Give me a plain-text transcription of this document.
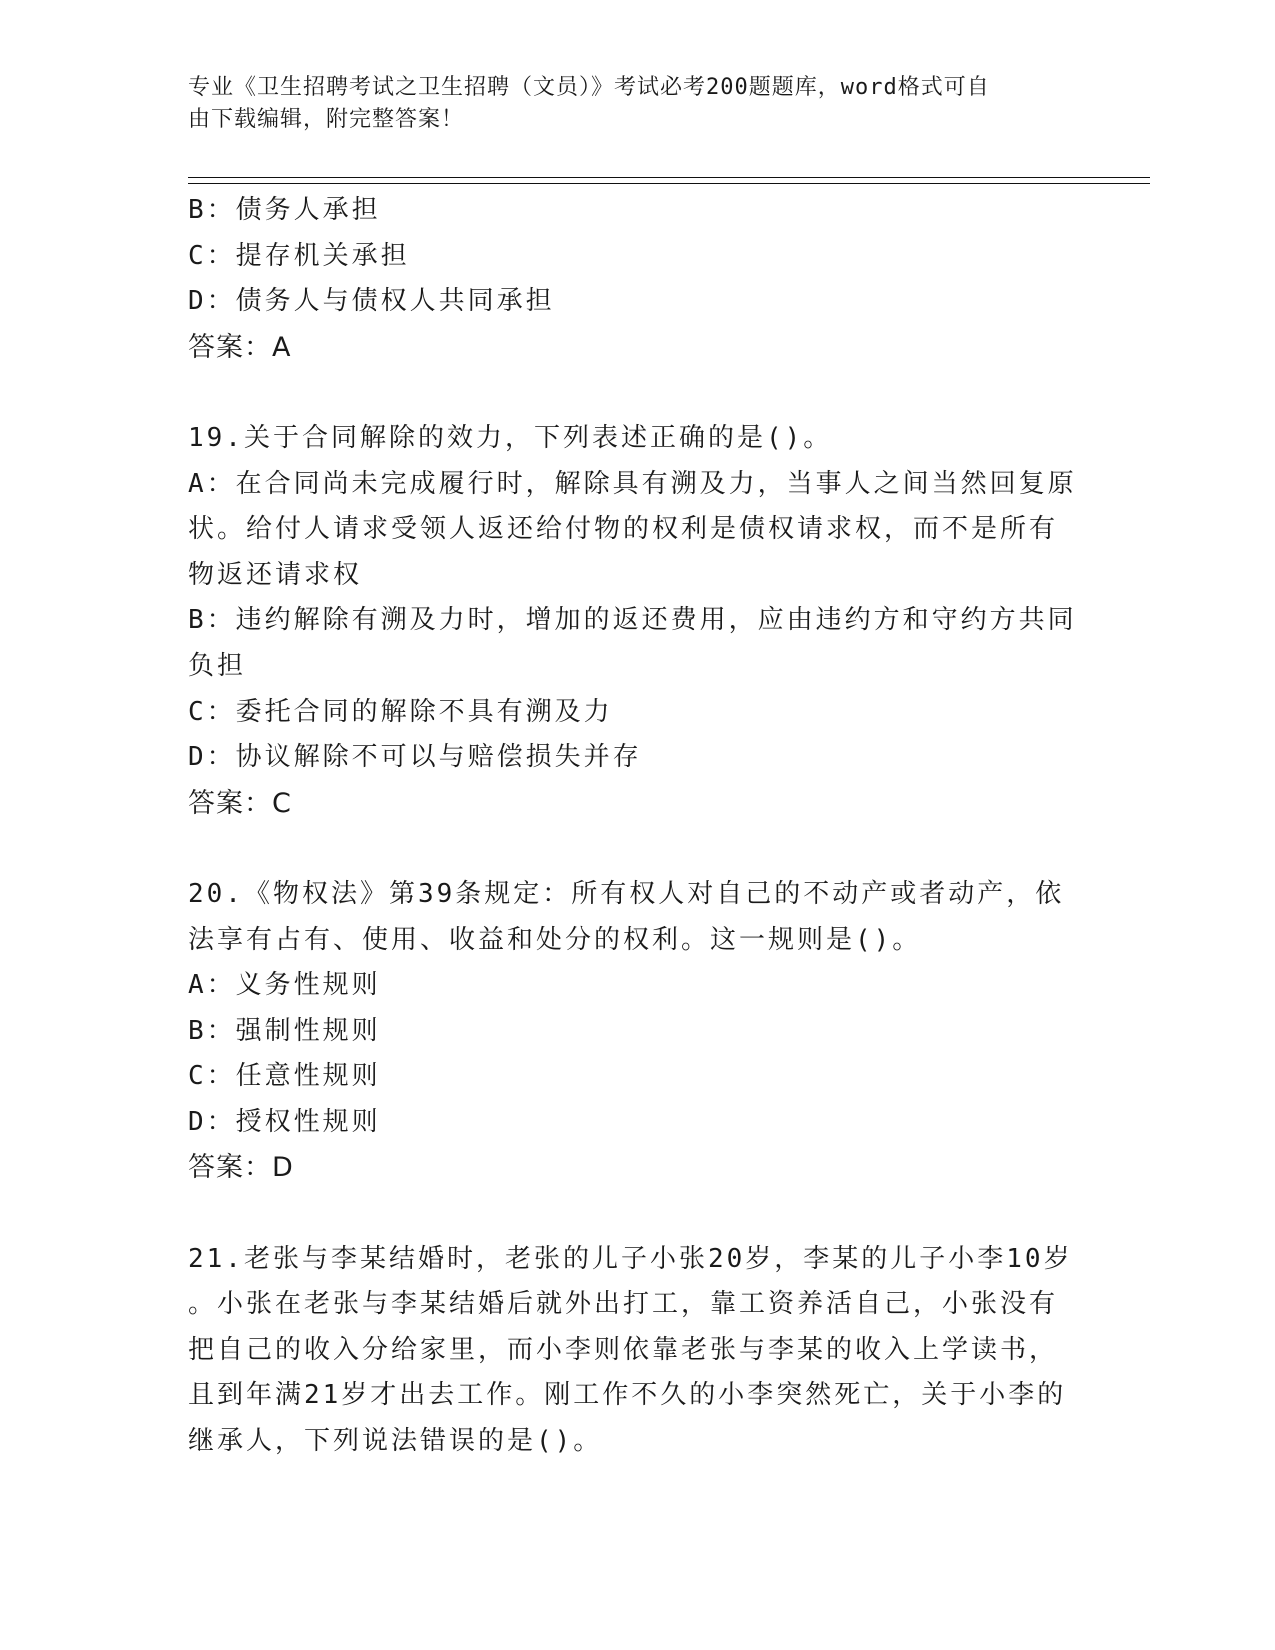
专业《卫生招聘考试之卫生招聘（文员）》考试必考200题题库，word格式可自
由下载编辑，附完整答案！
B：债务人承担
C：提存机关承担
D：债务人与债权人共同承担
答案：A
19.关于合同解除的效力，下列表述正确的是()。
A：在合同尚未完成履行时，解除具有溯及力，当事人之间当然回复原
状。给付人请求受领人返还给付物的权利是债权请求权，而不是所有
物返还请求权
B：违约解除有溯及力时，增加的返还费用，应由违约方和守约方共同
负担
C：委托合同的解除不具有溯及力
D：协议解除不可以与赔偿损失并存
答案：C
20.《物权法》第39条规定：所有权人对自己的不动产或者动产，依
法享有占有、使用、收益和处分的权利。这一规则是()。
A：义务性规则
B：强制性规则
C：任意性规则
D：授权性规则
答案：D
21.老张与李某结婚时，老张的儿子小张20岁，李某的儿子小李10岁
。小张在老张与李某结婚后就外出打工，靠工资养活自己，小张没有
把自己的收入分给家里，而小李则依靠老张与李某的收入上学读书，
且到年满21岁才出去工作。刚工作不久的小李突然死亡，关于小李的
继承人，下列说法错误的是()。
